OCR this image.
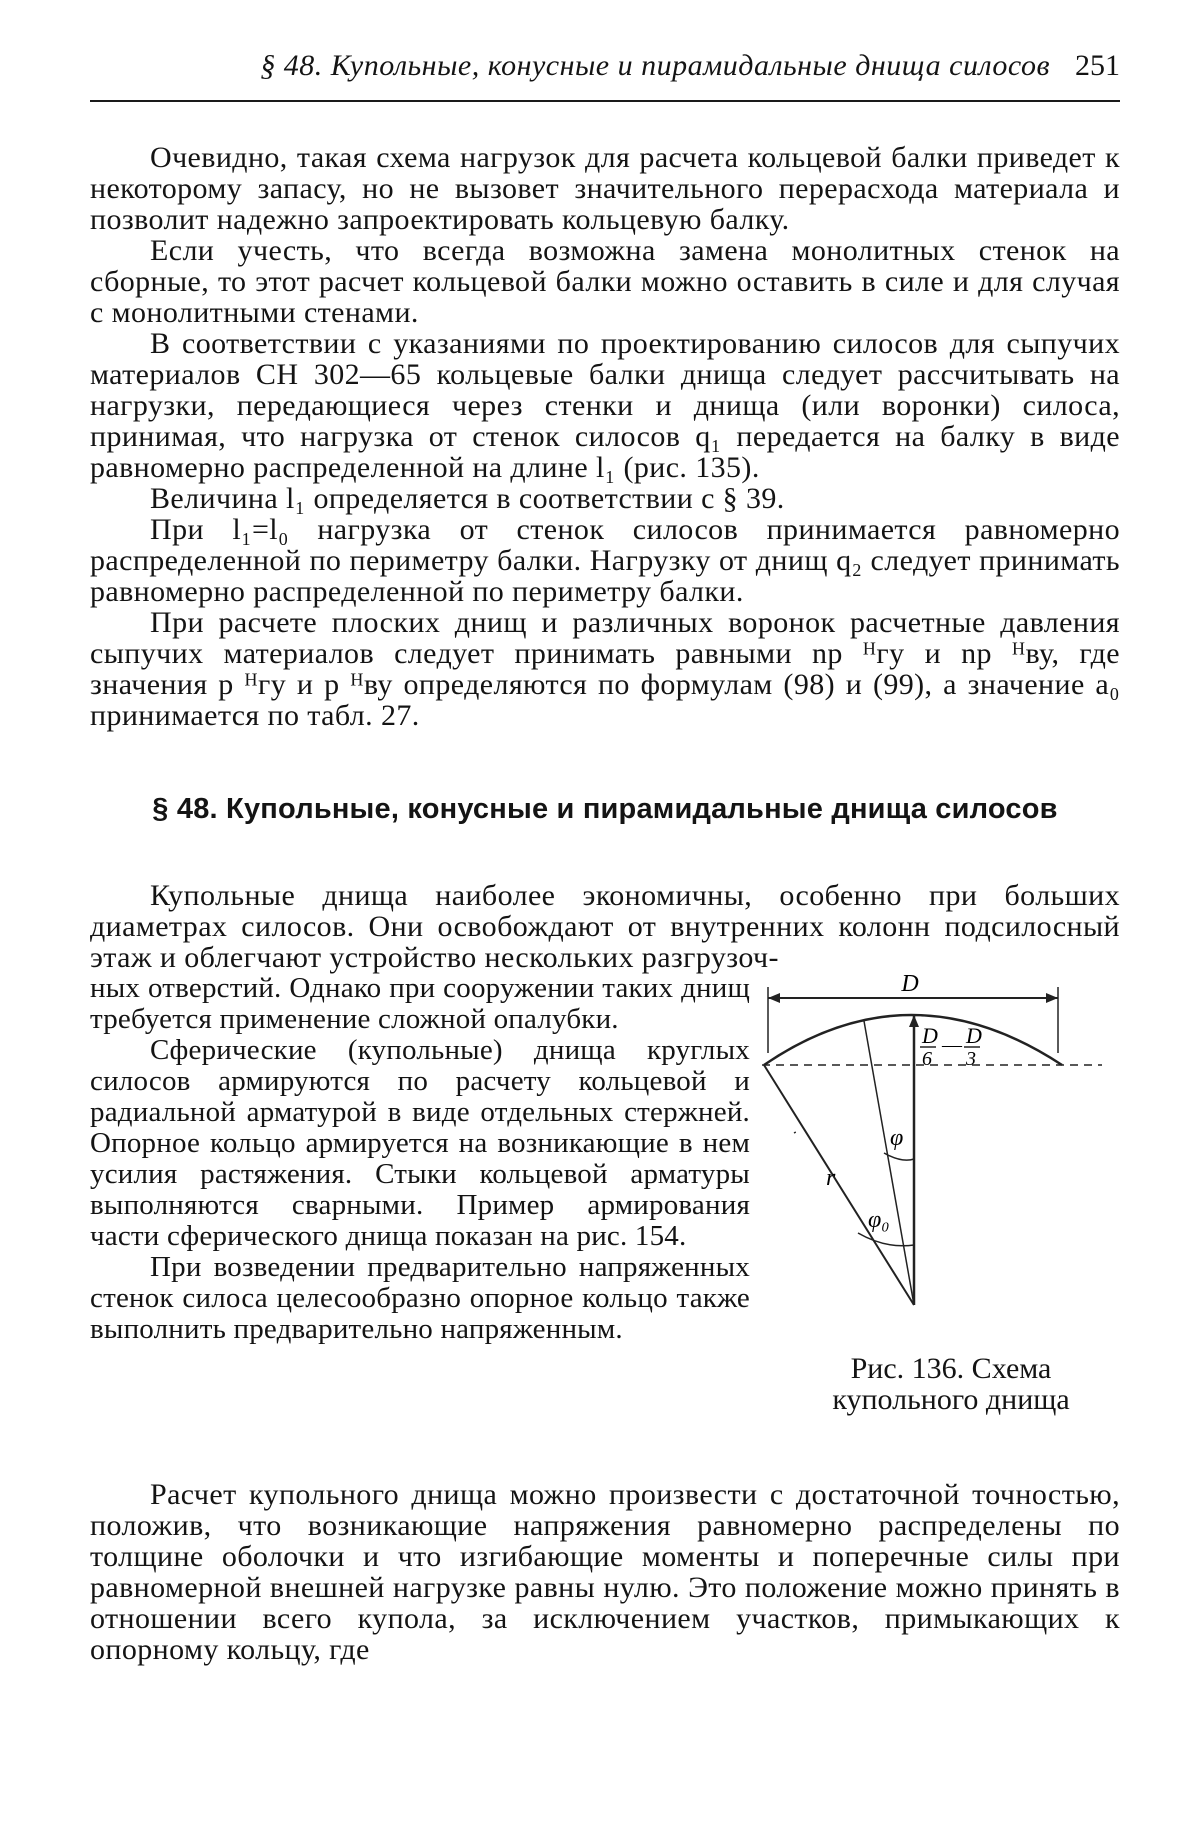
§ 48. Купольные, конусные и пирамидальные днища силосов 251

Очевидно, такая схема нагрузок для расчета кольцевой балки приведет к некоторому запасу, но не вызовет значительного перерасхода материала и позволит надежно запроектировать кольцевую балку.

Если учесть, что всегда возможна замена монолитных стенок на сборные, то этот расчет кольцевой балки можно оставить в силе и для случая с монолитными стенами.

В соответствии с указаниями по проектированию силосов для сыпучих материалов СН 302—65 кольцевые балки днища следует рассчитывать на нагрузки, передающиеся через стенки и днища (или воронки) силоса, принимая, что нагрузка от стенок силосов q₁ передается на балку в виде равномерно распределенной на длине l₁ (рис. 135).

Величина l₁ определяется в соответствии с § 39.

При l₁=l₀ нагрузка от стенок силосов принимается равномерно распределенной по периметру балки. Нагрузку от днищ q₂ следует принимать равномерно распределенной по периметру балки.

При расчете плоских днищ и различных воронок расчетные давления сыпучих материалов следует принимать равными np ᴴгу и np ᴴву, где значения p ᴴгу и p ᴴву определяются по формулам (98) и (99), а значение a₀ принимается по табл. 27.

§ 48. Купольные, конусные и пирамидальные днища силосов

Купольные днища наиболее экономичны, особенно при больших диаметрах силосов. Они освобождают от внутренних колонн подсилосный этаж и облегчают устройство нескольких разгрузоч-

ных отверстий. Однако при сооружении таких днищ требуется применение сложной опалубки.

Сферические (купольные) днища круглых силосов армируются по расчету кольцевой и радиальной арматурой в виде отдельных стержней. Опорное кольцо армируется на возникающие в нем усилия растяжения. Стыки кольцевой арматуры выполняются сварными. Пример армирования части сферического днища показан на рис. 154.

При возведении предварительно напряженных стенок силоса целесообразно опорное кольцо также выполнить предварительно напряженным.

D
D
6
— D
3
φ
φ₀
r
Рис. 136. Схема купольного днища

Расчет купольного днища можно произвести с достаточной точностью, положив, что возникающие напряжения равномерно распределены по толщине оболочки и что изгибающие моменты и поперечные силы при равномерной внешней нагрузке равны нулю. Это положение можно принять в отношении всего купола, за исключением участков, примыкающих к опорному кольцу, где
